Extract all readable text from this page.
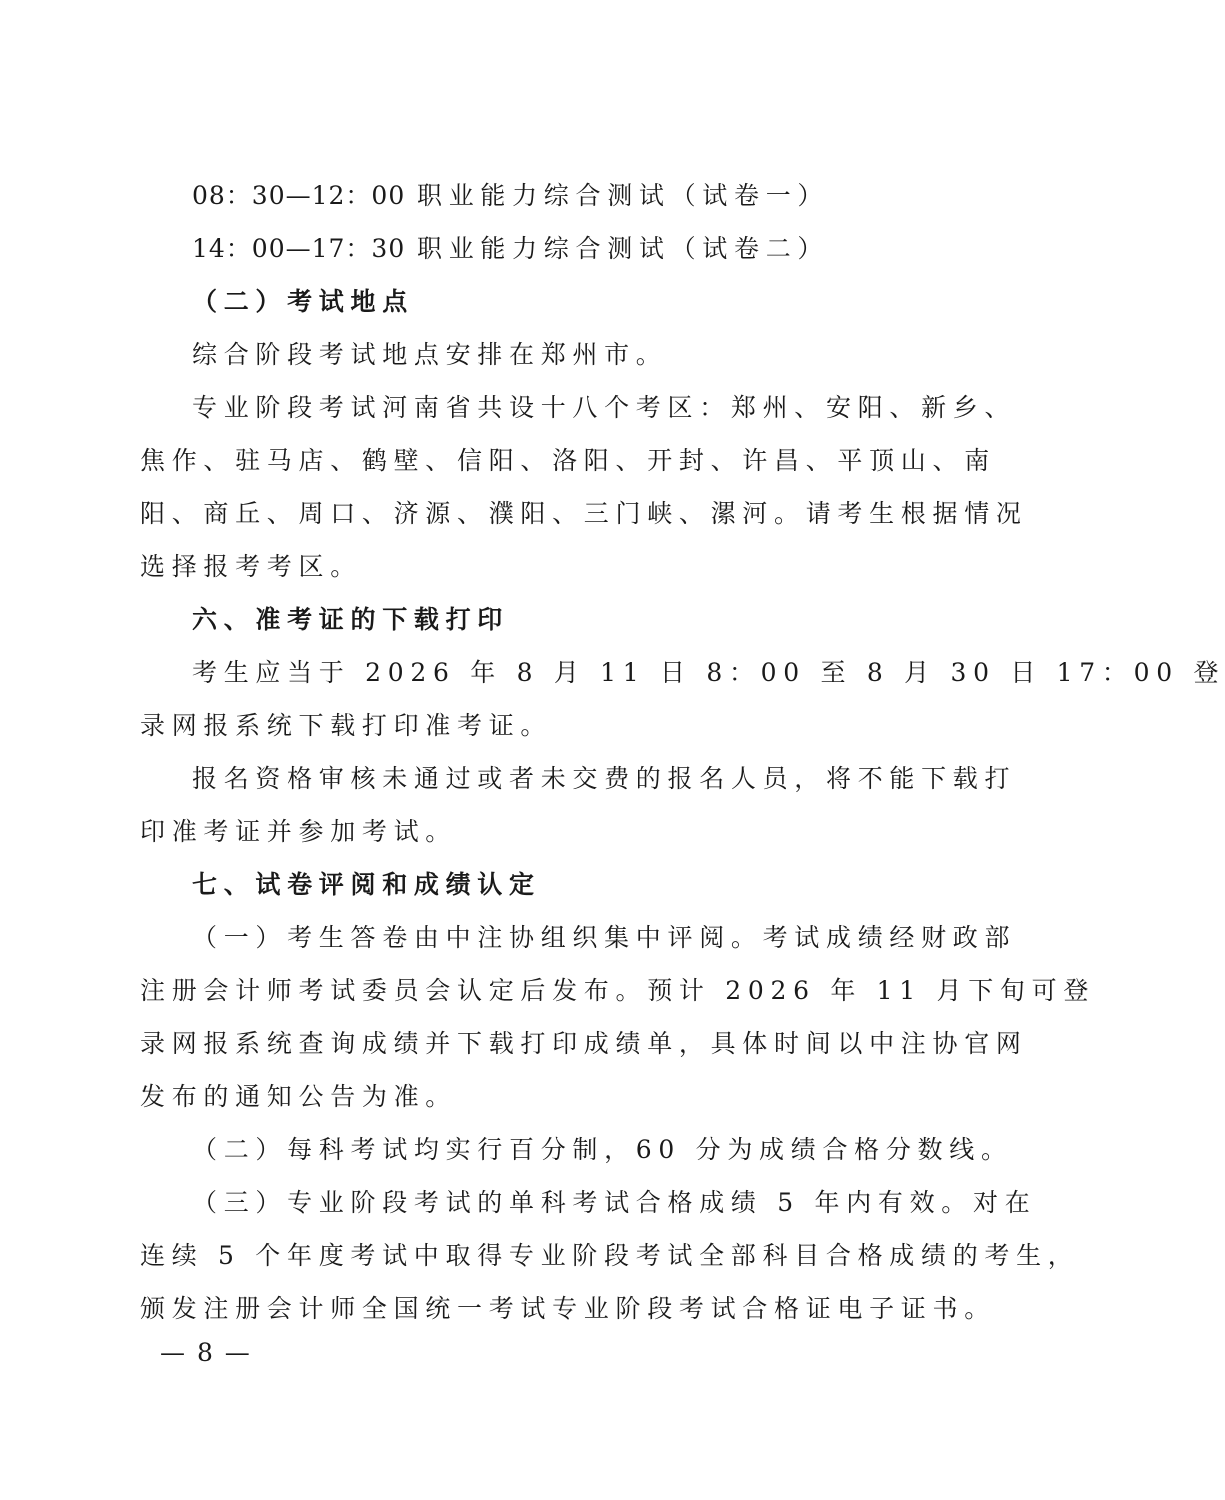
08：30—12：00 职业能力综合测试（试卷一）
14：00—17：30 职业能力综合测试（试卷二）
（二）考试地点
综合阶段考试地点安排在郑州市。
专业阶段考试河南省共设十八个考区：郑州、安阳、新乡、
焦作、驻马店、鹤壁、信阳、洛阳、开封、许昌、平顶山、南
阳、商丘、周口、济源、濮阳、三门峡、漯河。请考生根据情况
选择报考考区。
六、准考证的下载打印
考生应当于 2026 年 8 月 11 日 8：00 至 8 月 30 日 17：00 登
录网报系统下载打印准考证。
报名资格审核未通过或者未交费的报名人员，将不能下载打
印准考证并参加考试。
七、试卷评阅和成绩认定
（一）考生答卷由中注协组织集中评阅。考试成绩经财政部
注册会计师考试委员会认定后发布。预计 2026 年 11 月下旬可登
录网报系统查询成绩并下载打印成绩单，具体时间以中注协官网
发布的通知公告为准。
（二）每科考试均实行百分制，60 分为成绩合格分数线。
（三）专业阶段考试的单科考试合格成绩 5 年内有效。对在
连续 5 个年度考试中取得专业阶段考试全部科目合格成绩的考生，
颁发注册会计师全国统一考试专业阶段考试合格证电子证书。
— 8 —
